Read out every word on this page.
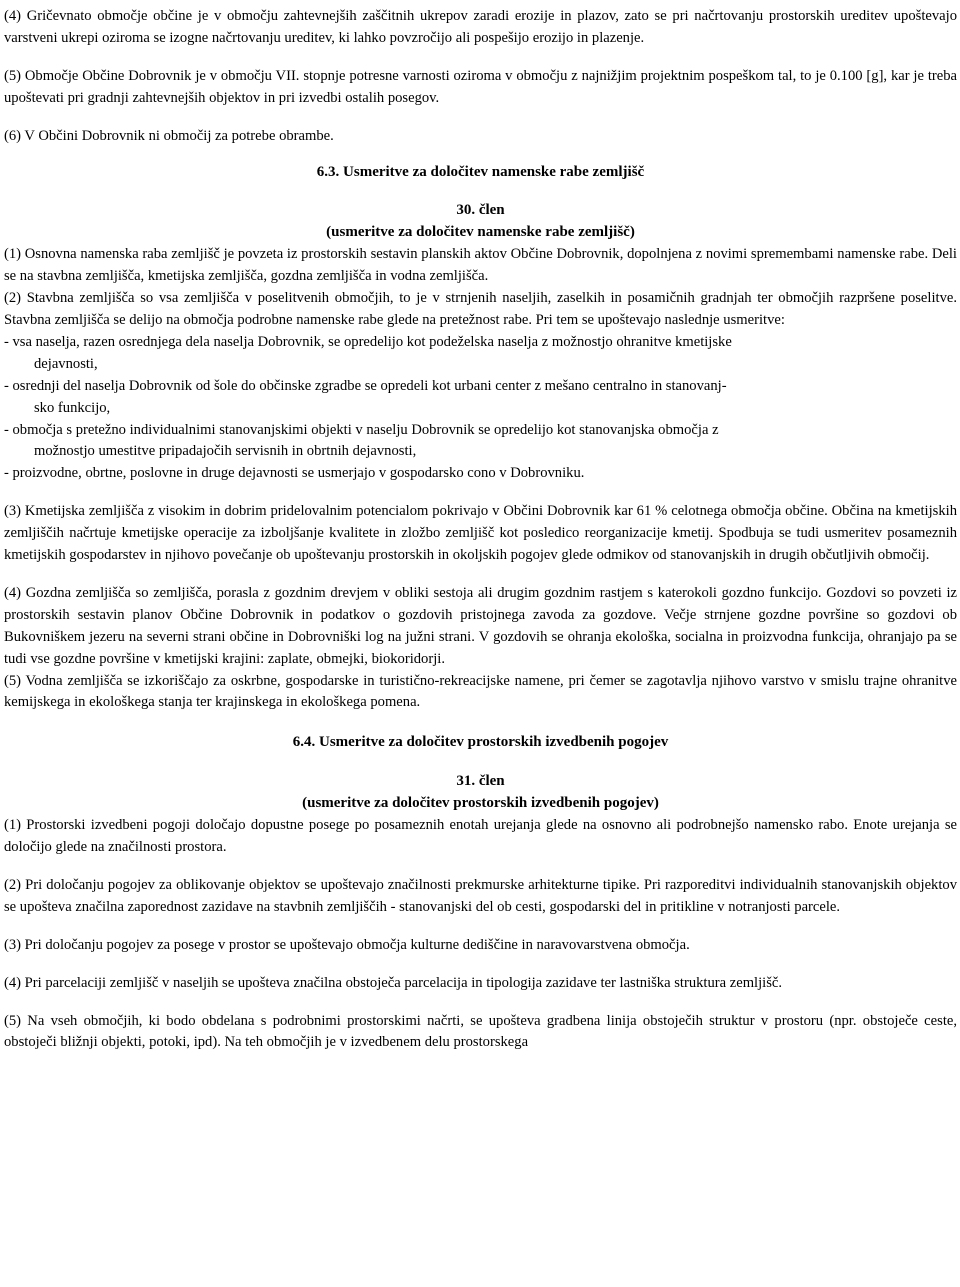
(4) Gričevnato območje občine je v območju zahtevnejših zaščitnih ukrepov zaradi erozije in plazov, zato se pri načrtovanju prostorskih ureditev upoštevajo varstveni ukrepi oziroma se izogne načrtovanju ureditev, ki lahko povzročijo ali pospešijo erozijo in plazenje.

(5) Območje Občine Dobrovnik je v območju VII. stopnje potresne varnosti oziroma v območju z najnižjim projektnim pospeškom tal, to je 0.100 [g], kar je treba upoštevati pri gradnji zahtevnejših objektov in pri izvedbi ostalih posegov.

(6) V Občini Dobrovnik ni območij za potrebe obrambe.

6.3. Usmeritve za določitev namenske rabe zemljišč

30. člen

(usmeritve za določitev namenske rabe zemljišč)

(1) Osnovna namenska raba zemljišč je povzeta iz prostorskih sestavin planskih aktov Občine Dobrovnik, dopolnjena z novimi spremembami namenske rabe. Deli se na stavbna zemljišča, kmetijska zemljišča, gozdna zemljišča in vodna zemljišča.

(2) Stavbna zemljišča so vsa zemljišča v poselitvenih območjih, to je v strnjenih naseljih, zaselkih in posamičnih gradnjah ter območjih razpršene poselitve. Stavbna zemljišča se delijo na območja podrobne namenske rabe glede na pretežnost rabe. Pri tem se upoštevajo naslednje usmeritve:

- vsa naselja, razen osrednjega dela naselja Dobrovnik, se opredelijo kot podeželska naselja z možnostjo ohranitve kmetijske
dejavnosti,
- osrednji del naselja Dobrovnik od šole do občinske zgradbe se opredeli kot urbani center z mešano centralno in stanovanj-
sko funkcijo,
- območja s pretežno individualnimi stanovanjskimi objekti v naselju Dobrovnik se opredelijo kot stanovanjska območja z
možnostjo umestitve pripadajočih servisnih in obrtnih dejavnosti,
- proizvodne, obrtne, poslovne in druge dejavnosti se usmerjajo v gospodarsko cono v Dobrovniku.

(3) Kmetijska zemljišča z visokim in dobrim pridelovalnim potencialom pokrivajo v Občini Dobrovnik kar 61 % celotnega območja občine. Občina na kmetijskih zemljiščih načrtuje kmetijske operacije za izboljšanje kvalitete in zložbo zemljišč kot posledico reorganizacije kmetij. Spodbuja se tudi usmeritev posameznih kmetijskih gospodarstev in njihovo povečanje ob upoštevanju prostorskih in okoljskih pogojev glede odmikov od stanovanjskih in drugih občutljivih območij.

(4) Gozdna zemljišča so zemljišča, porasla z gozdnim drevjem v obliki sestoja ali drugim gozdnim rastjem s katerokoli gozdno funkcijo. Gozdovi so povzeti iz prostorskih sestavin planov Občine Dobrovnik in podatkov o gozdovih pristojnega zavoda za gozdove. Večje strnjene gozdne površine so gozdovi ob Bukovniškem jezeru na severni strani občine in Dobrovniški log na južni strani. V gozdovih se ohranja ekološka, socialna in proizvodna funkcija, ohranjajo pa se tudi vse gozdne površine v kmetijski krajini: zaplate, obmejki, biokoridorji.

(5) Vodna zemljišča se izkoriščajo za oskrbne, gospodarske in turistično-rekreacijske namene, pri čemer se zagotavlja njihovo varstvo v smislu trajne ohranitve kemijskega in ekološkega stanja ter krajinskega in ekološkega pomena.

6.4. Usmeritve za določitev prostorskih izvedbenih pogojev

31. člen

(usmeritve za določitev prostorskih izvedbenih pogojev)

(1) Prostorski izvedbeni pogoji določajo dopustne posege po posameznih enotah urejanja glede na osnovno ali podrobnejšo namensko rabo. Enote urejanja se določijo glede na značilnosti prostora.

(2) Pri določanju pogojev za oblikovanje objektov se upoštevajo značilnosti prekmurske arhitekturne tipike. Pri razporeditvi individualnih stanovanjskih objektov se upošteva značilna zaporednost zazidave na stavbnih zemljiščih - stanovanjski del ob cesti, gospodarski del in pritikline v notranjosti parcele.

(3) Pri določanju pogojev za posege v prostor se upoštevajo območja kulturne dediščine in naravovarstvena območja.

(4) Pri parcelaciji zemljišč v naseljih se upošteva značilna obstoječa parcelacija in tipologija zazidave ter lastniška struktura zemljišč.

(5) Na vseh območjih, ki bodo obdelana s podrobnimi prostorskimi načrti, se upošteva gradbena linija obstoječih struktur v prostoru (npr. obstoječe ceste, obstoječi bližnji objekti, potoki, ipd). Na teh območjih je v izvedbenem delu prostorskega
